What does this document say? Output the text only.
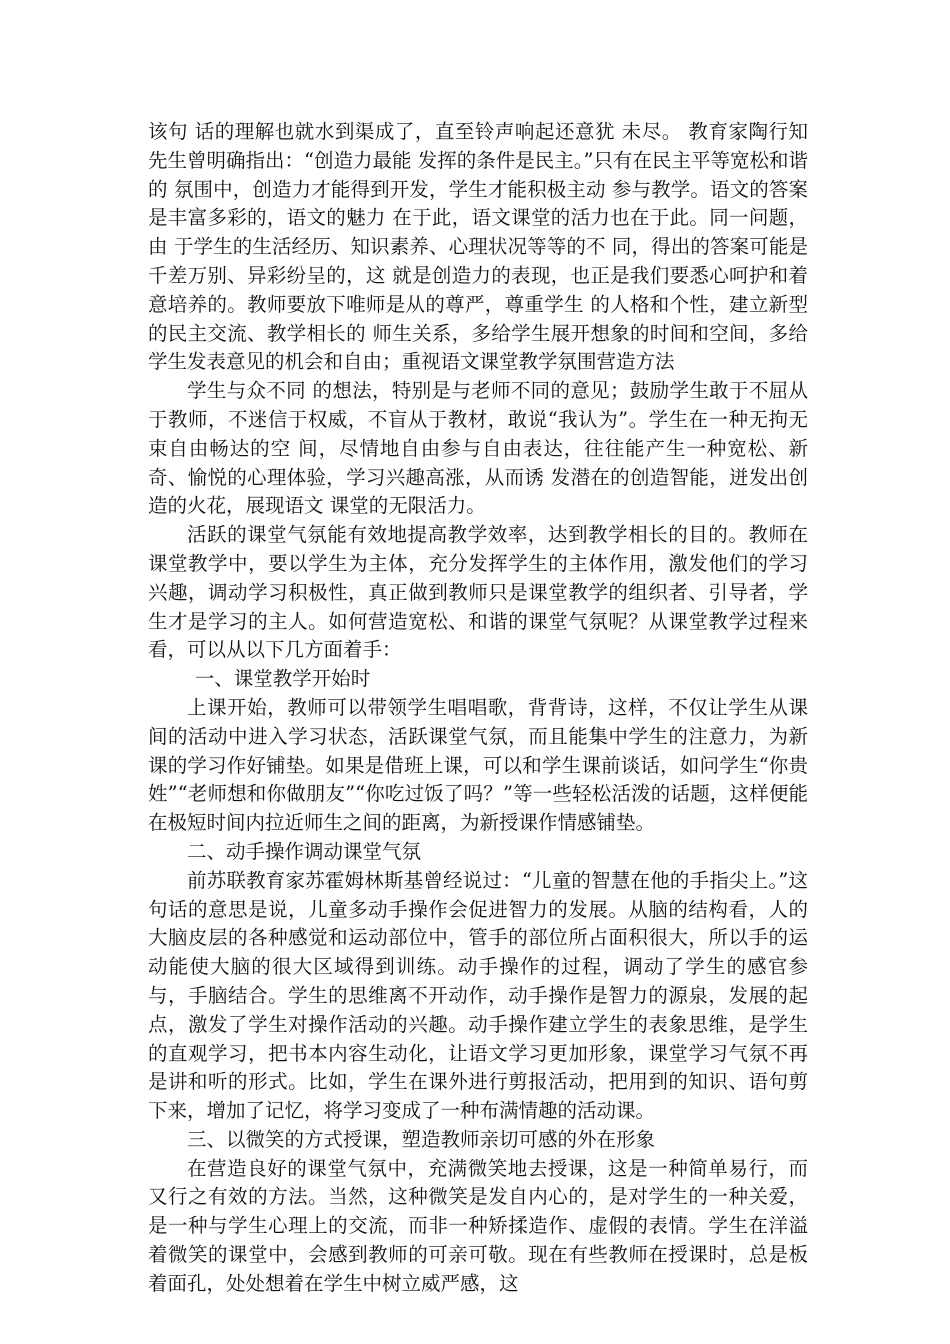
该句 话的理解也就水到渠成了，直至铃声响起还意犹 未尽。 教育家陶行知先生曾明确指出：“创造力最能 发挥的条件是民主。”只有在民主平等宽松和谐的 氛围中，创造力才能得到开发，学生才能积极主动 参与教学。语文的答案是丰富多彩的，语文的魅力 在于此，语文课堂的活力也在于此。同一问题，由 于学生的生活经历、知识素养、心理状况等等的不 同，得出的答案可能是千差万别、异彩纷呈的，这 就是创造力的表现，也正是我们要悉心呵护和着 意培养的。教师要放下唯师是从的尊严，尊重学生 的人格和个性，建立新型的民主交流、教学相长的 师生关系，多给学生展开想象的时间和空间，多给 学生发表意见的机会和自由；重视语文课堂教学氛围营造方法

学生与众不同 的想法，特别是与老师不同的意见；鼓励学生敢于不屈从于教师，不迷信于权威，不盲从于教材，敢说“我认为”。学生在一种无拘无束自由畅达的空 间，尽情地自由参与自由表达，往往能产生一种宽松、新奇、愉悦的心理体验，学习兴趣高涨，从而诱 发潜在的创造智能，迸发出创造的火花，展现语文 课堂的无限活力。

活跃的课堂气氛能有效地提高教学效率，达到教学相长的目的。教师在课堂教学中，要以学生为主体，充分发挥学生的主体作用，激发他们的学习兴趣，调动学习积极性，真正做到教师只是课堂教学的组织者、引导者，学生才是学习的主人。如何营造宽松、和谐的课堂气氛呢？从课堂教学过程来看，可以从以下几方面着手：

一、课堂教学开始时

上课开始，教师可以带领学生唱唱歌，背背诗，这样，不仅让学生从课间的活动中进入学习状态，活跃课堂气氛，而且能集中学生的注意力，为新课的学习作好铺垫。如果是借班上课，可以和学生课前谈话，如问学生“你贵姓”“老师想和你做朋友”“你吃过饭了吗？”等一些轻松活泼的话题，这样便能在极短时间内拉近师生之间的距离，为新授课作情感铺垫。

二、动手操作调动课堂气氛

前苏联教育家苏霍姆林斯基曾经说过：“儿童的智慧在他的手指尖上。”这句话的意思是说，儿童多动手操作会促进智力的发展。从脑的结构看，人的大脑皮层的各种感觉和运动部位中，管手的部位所占面积很大，所以手的运动能使大脑的很大区域得到训练。动手操作的过程，调动了学生的感官参与，手脑结合。学生的思维离不开动作，动手操作是智力的源泉，发展的起点，激发了学生对操作活动的兴趣。动手操作建立学生的表象思维，是学生的直观学习，把书本内容生动化，让语文学习更加形象，课堂学习气氛不再是讲和听的形式。比如，学生在课外进行剪报活动，把用到的知识、语句剪下来，增加了记忆，将学习变成了一种布满情趣的活动课。

三、以微笑的方式授课，塑造教师亲切可感的外在形象

在营造良好的课堂气氛中，充满微笑地去授课，这是一种简单易行，而又行之有效的方法。当然，这种微笑是发自内心的，是对学生的一种关爱，是一种与学生心理上的交流，而非一种矫揉造作、虚假的表情。学生在洋溢着微笑的课堂中，会感到教师的可亲可敬。现在有些教师在授课时，总是板着面孔，处处想着在学生中树立威严感，这
